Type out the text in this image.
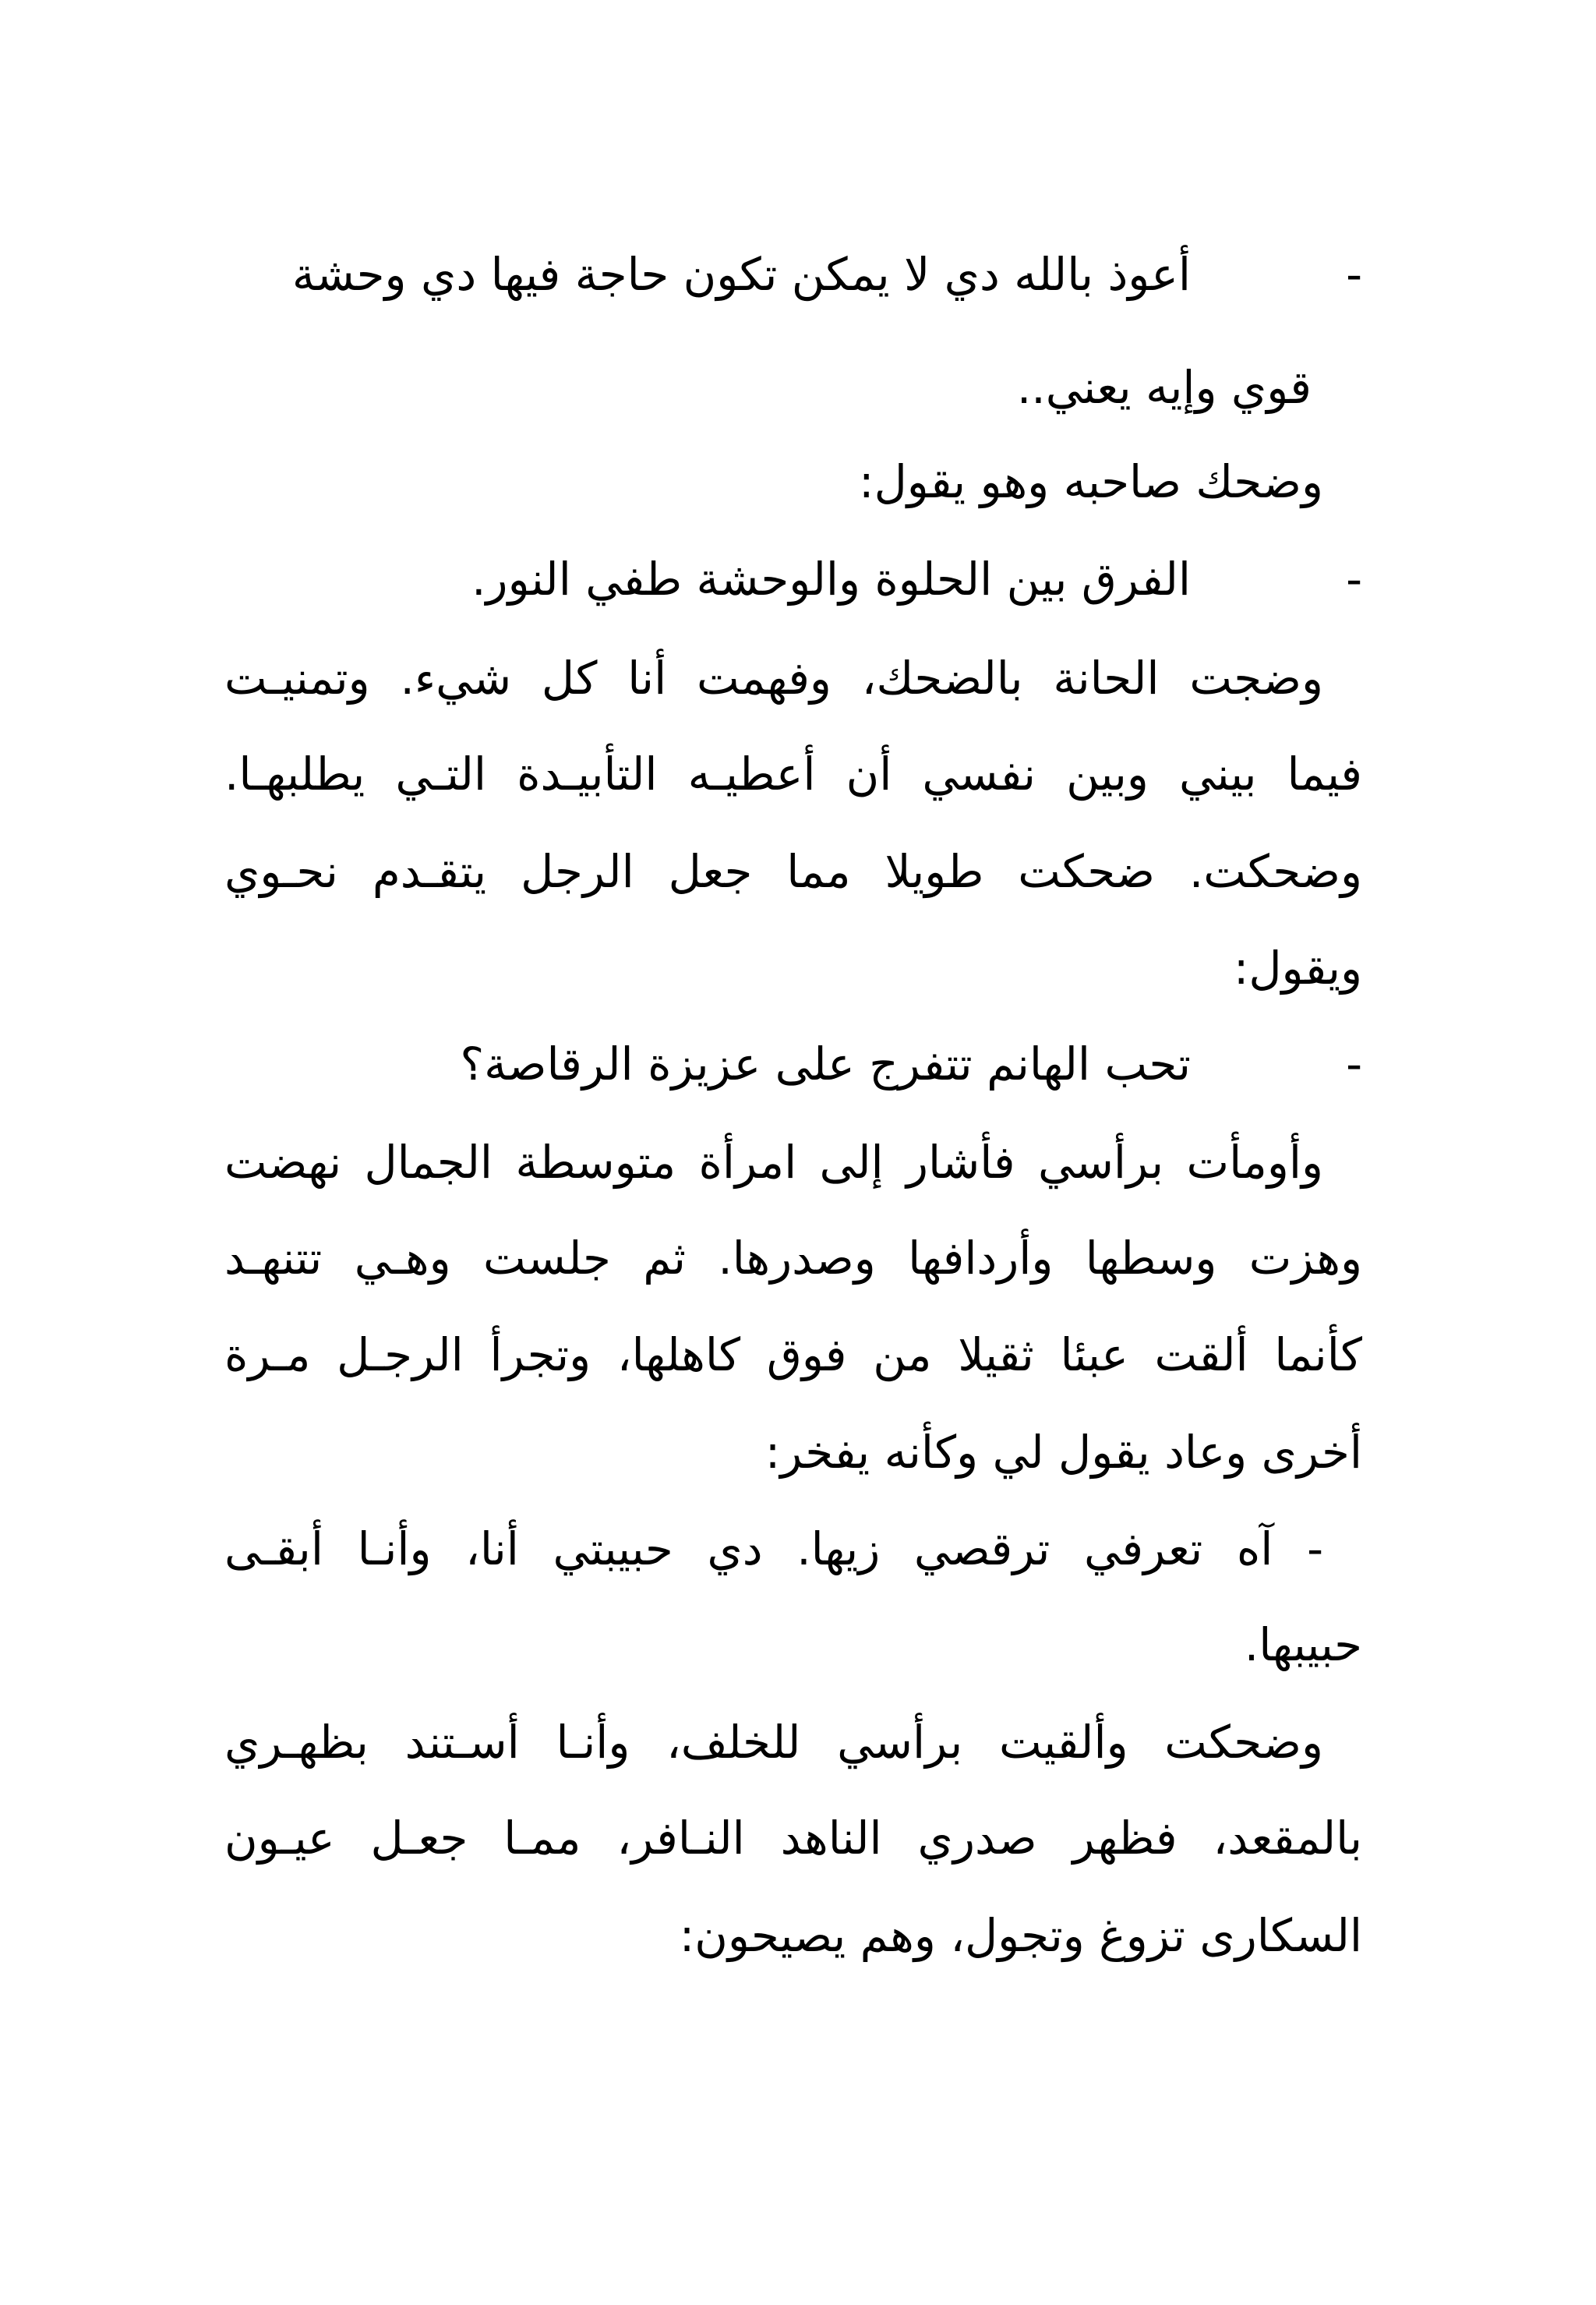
-
أعوذ بالله دي لا يمكن تكون حاجة فيها دي وحشة
قوي وإيه يعني..
وضحك صاحبه وهو يقول:
-
الفرق بين الحلوة والوحشة طفي النور.
وضجت الحانة بالضحك، وفهمت أنا كل شيء. وتمنيـت
فيما بيني وبين نفسي أن أعطيـه التأبيـدة التـي يطلبهـا.
وضحكت. ضحكت طويلا مما جعل الرجل يتقـدم نحـوي
ويقول:
-
تحب الهانم تتفرج على عزيزة الرقاصة؟
وأومأت برأسي فأشار إلى امرأة متوسطة الجمال نهضت
وهزت وسطها وأردافها وصدرها. ثم جلست وهـي تتنهـد
كأنما ألقت عبئا ثقيلا من فوق كاهلها، وتجرأ الرجـل مـرة
أخرى وعاد يقول لي وكأنه يفخر:
- آه تعرفي ترقصي زيها. دي حبيبتي أنا، وأنـا أبقـى
حبيبها.
وضحكت وألقيت برأسي للخلف، وأنـا أسـتند بظهـري
بالمقعد، فظهر صدري الناهد النـافر، ممـا جعـل عيـون
السكارى تزوغ وتجول، وهم يصيحون:
